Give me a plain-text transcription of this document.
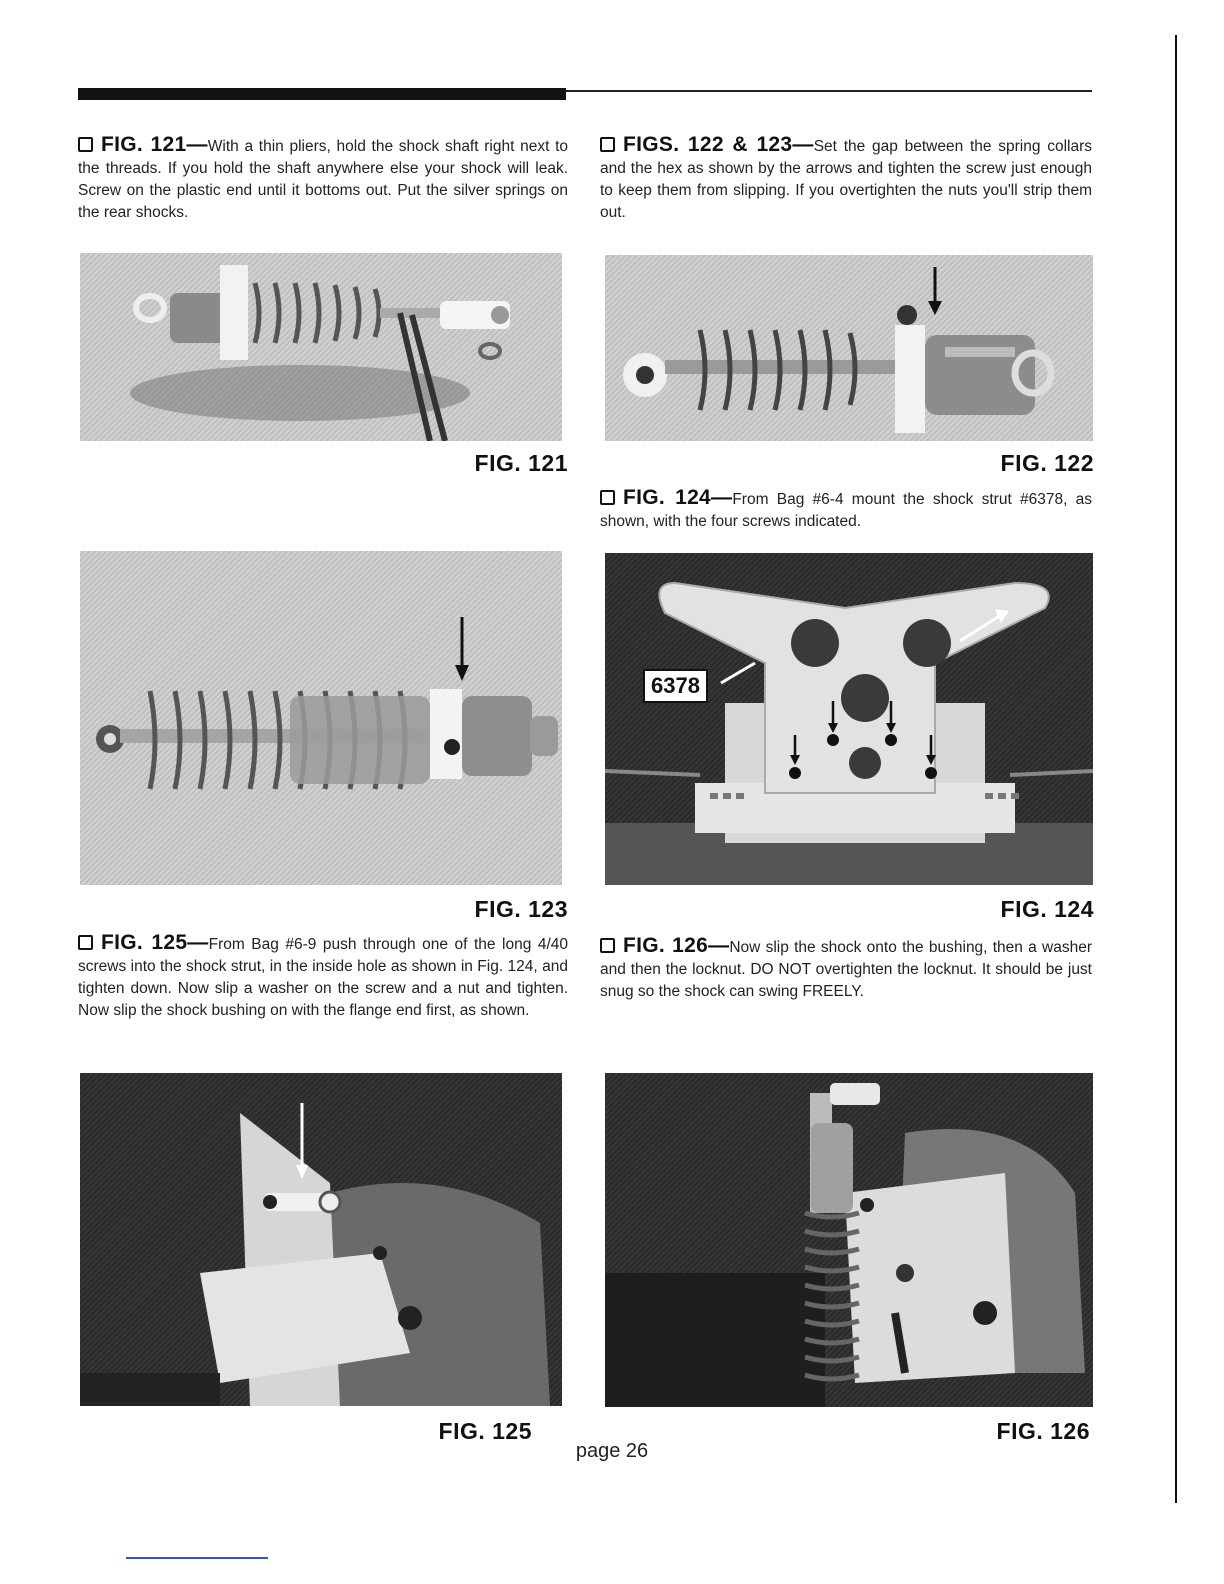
FIG. 121—With a thin pliers, hold the shock shaft right next to the threads. If you hold the shaft anywhere else your shock will leak. Screw on the plastic end until it bottoms out. Put the silver springs on the rear shocks.
FIGS. 122 & 123—Set the gap between the spring collars and the hex as shown by the arrows and tighten the screw just enough to keep them from slipping. If you overtighten the nuts you'll strip them out.
FIG. 121	FIG. 122
FIG. 124—From Bag #6-4 mount the shock strut #6378, as shown, with the four screws indicated.
FIG. 123
6378
FIG. 124
FIG. 125—From Bag #6-9 push through one of the long 4/40 screws into the shock strut, in the inside hole as shown in Fig. 124, and tighten down. Now slip a washer on the screw and a nut and tighten. Now slip the shock bushing on with the flange end first, as shown.
FIG. 126—Now slip the shock onto the bushing, then a washer and then the locknut. DO NOT overtighten the locknut. It should be just snug so the shock can swing FREELY.
FIG. 125	FIG. 126
page 26
